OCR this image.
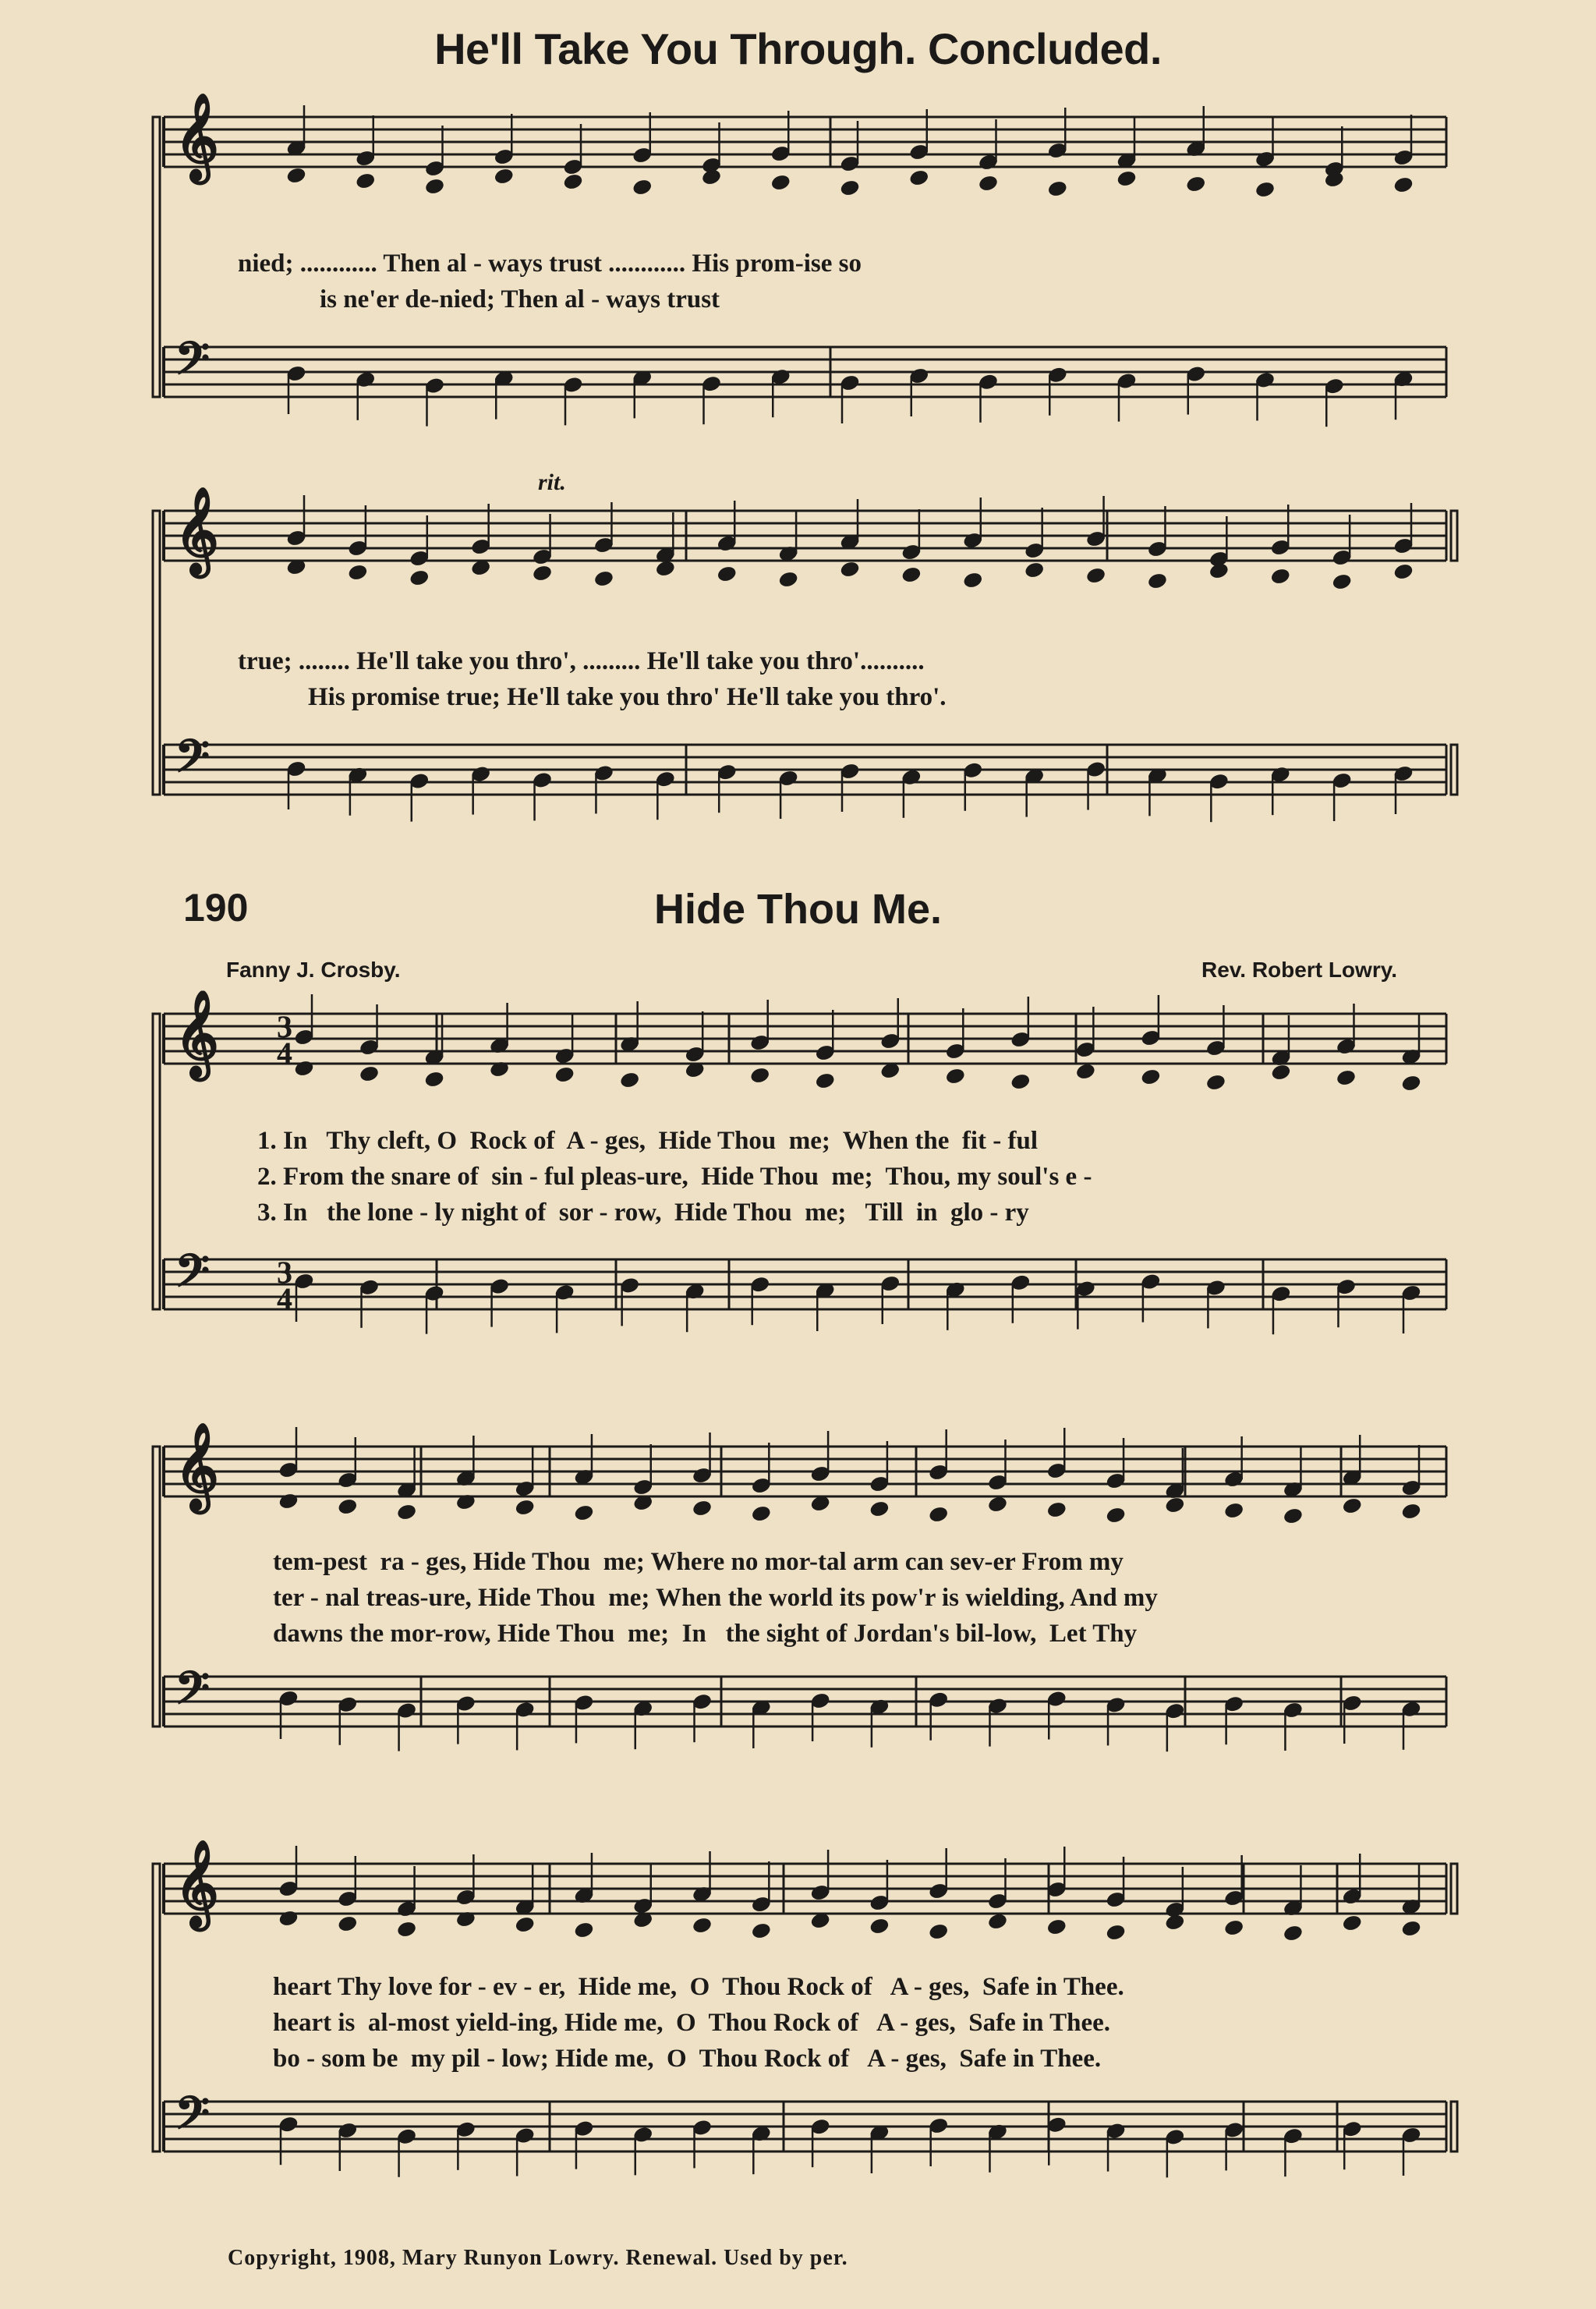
He'll Take You Through. Concluded.
𝄞
𝄢
𝄞
𝄢
𝄞
𝄢
𝄞
𝄢
𝄞
𝄢
3
4
3
4
rit.
nied; ............ Then al - ways trust ............ His prom-ise so
is ne'er de-nied; Then al - ways trust
true; ........ He'll take you thro', ......... He'll take you thro'..........
His promise true; He'll take you thro' He'll take you thro'.
190	Hide Thou Me.
Fanny J. Crosby.	Rev. Robert Lowry.
1. In   Thy cleft, O  Rock of  A - ges,  Hide Thou  me;  When the  fit - ful
2. From the snare of  sin - ful pleas-ure,  Hide Thou  me;  Thou, my soul's e -
3. In   the lone - ly night of  sor - row,  Hide Thou  me;   Till  in  glo - ry
tem-pest  ra - ges, Hide Thou  me; Where no mor-tal arm can sev-er From my
ter - nal treas-ure, Hide Thou  me; When the world its pow'r is wielding, And my
dawns the mor-row, Hide Thou  me;  In   the sight of Jordan's bil-low,  Let Thy
heart Thy love for - ev - er,  Hide me,  O  Thou Rock of   A - ges,  Safe in Thee.
heart is  al-most yield-ing, Hide me,  O  Thou Rock of   A - ges,  Safe in Thee.
bo - som be  my pil - low; Hide me,  O  Thou Rock of   A - ges,  Safe in Thee.
Copyright, 1908, Mary Runyon Lowry. Renewal. Used by per.
